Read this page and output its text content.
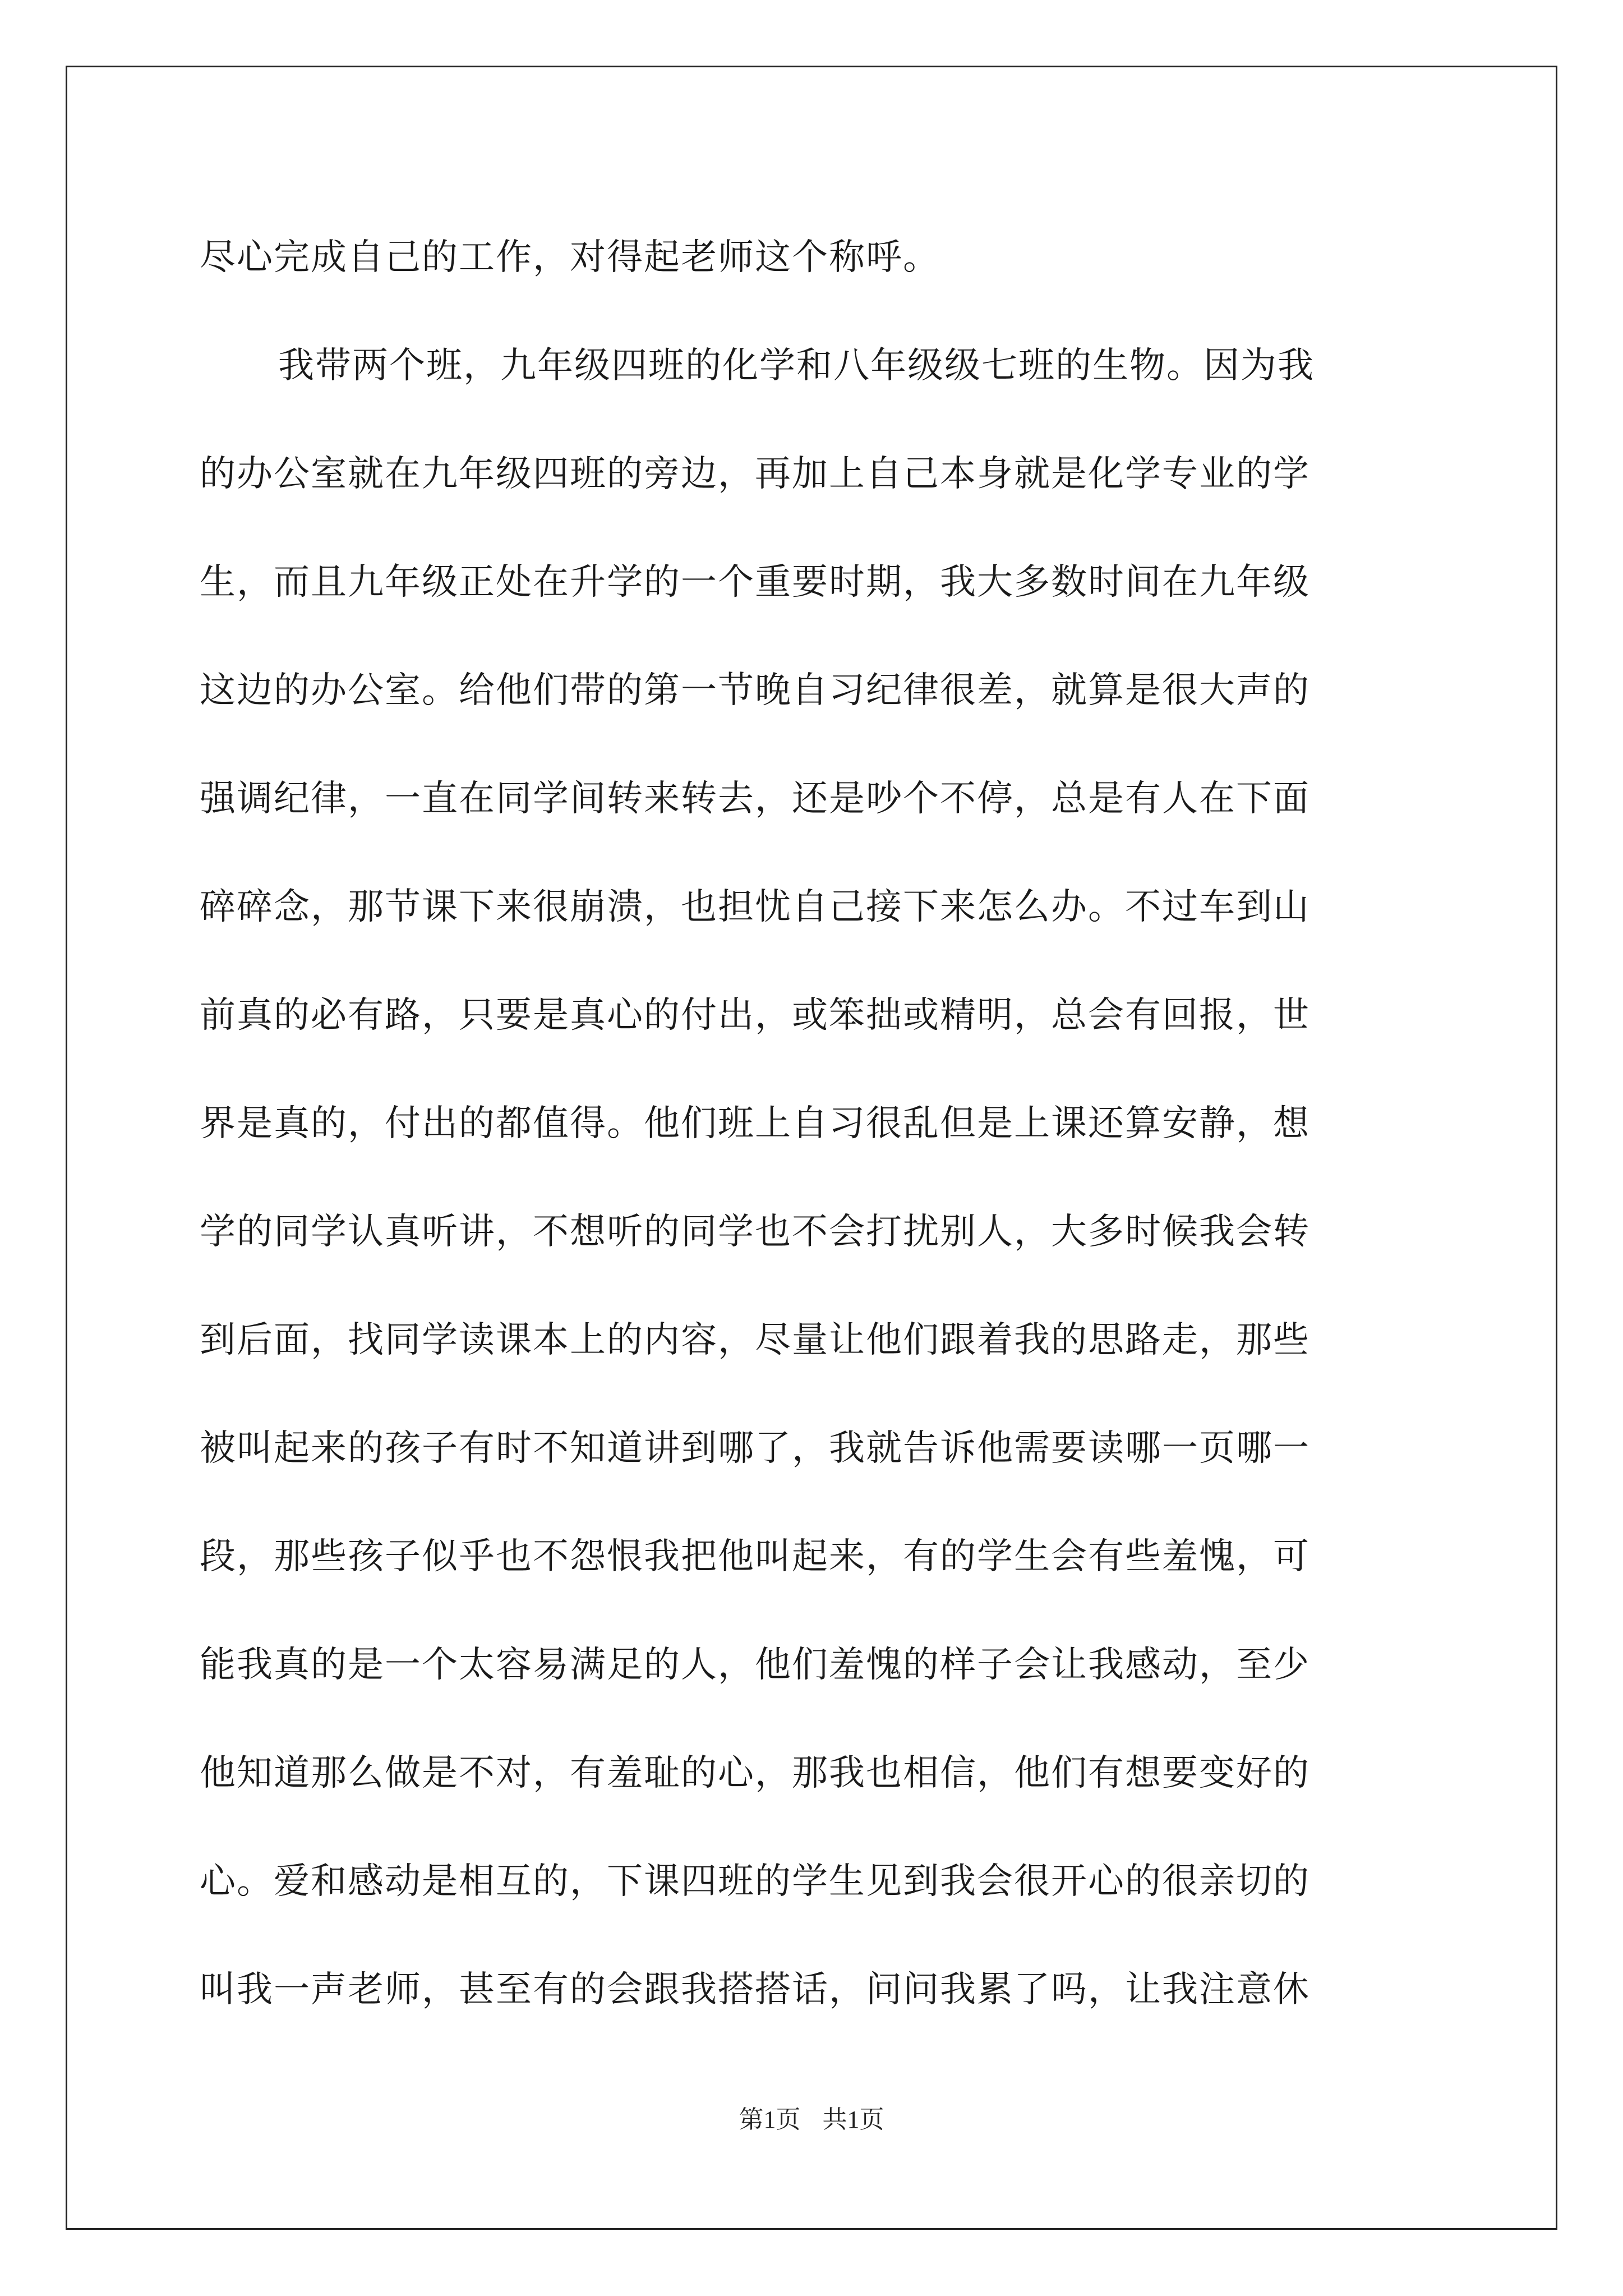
尽心完成自己的工作，对得起老师这个称呼。
我带两个班，九年级四班的化学和八年级级七班的生物。因为我
的办公室就在九年级四班的旁边，再加上自己本身就是化学专业的学
生，而且九年级正处在升学的一个重要时期，我大多数时间在九年级
这边的办公室。给他们带的第一节晚自习纪律很差，就算是很大声的
强调纪律，一直在同学间转来转去，还是吵个不停，总是有人在下面
碎碎念，那节课下来很崩溃，也担忧自己接下来怎么办。不过车到山
前真的必有路，只要是真心的付出，或笨拙或精明，总会有回报，世
界是真的，付出的都值得。他们班上自习很乱但是上课还算安静，想
学的同学认真听讲，不想听的同学也不会打扰别人，大多时候我会转
到后面，找同学读课本上的内容，尽量让他们跟着我的思路走，那些
被叫起来的孩子有时不知道讲到哪了，我就告诉他需要读哪一页哪一
段，那些孩子似乎也不怨恨我把他叫起来，有的学生会有些羞愧，可
能我真的是一个太容易满足的人，他们羞愧的样子会让我感动，至少
他知道那么做是不对，有羞耻的心，那我也相信，他们有想要变好的
心。爱和感动是相互的，下课四班的学生见到我会很开心的很亲切的
叫我一声老师，甚至有的会跟我搭搭话，问问我累了吗，让我注意休
第1页 共1页
